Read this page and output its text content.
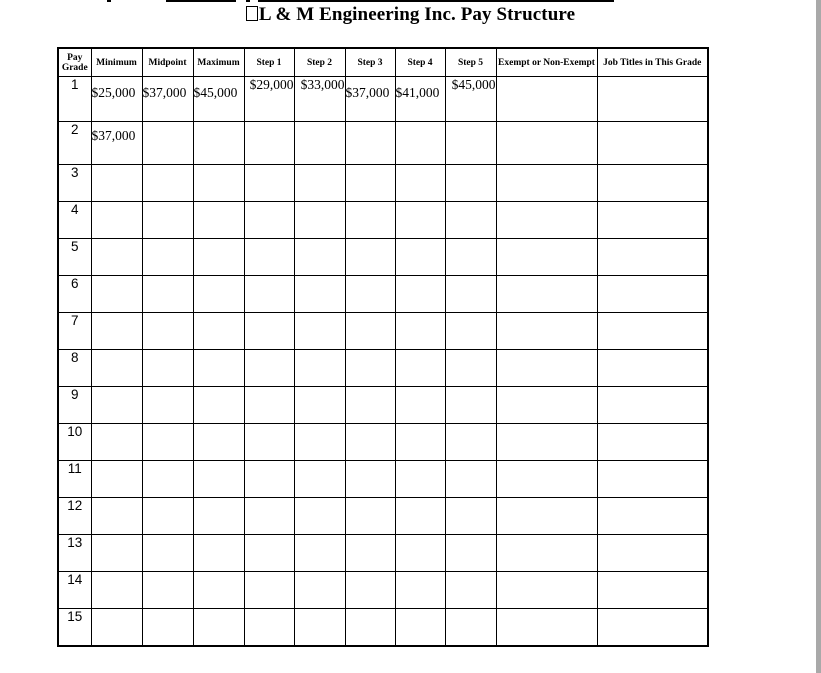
L & M Engineering Inc. Pay Structure
Pay Grade	Minimum	Midpoint	Maximum	Step 1	Step 2	Step 3	Step 4	Step 5	Exempt or Non-Exempt	Job Titles in This Grade
1	$25,000	$37,000	$45,000	$29,000	$33,000	$37,000	$41,000	$45,000		
2	$37,000									
3										
4										
5										
6										
7										
8										
9										
10										
11										
12										
13										
14										
15										
